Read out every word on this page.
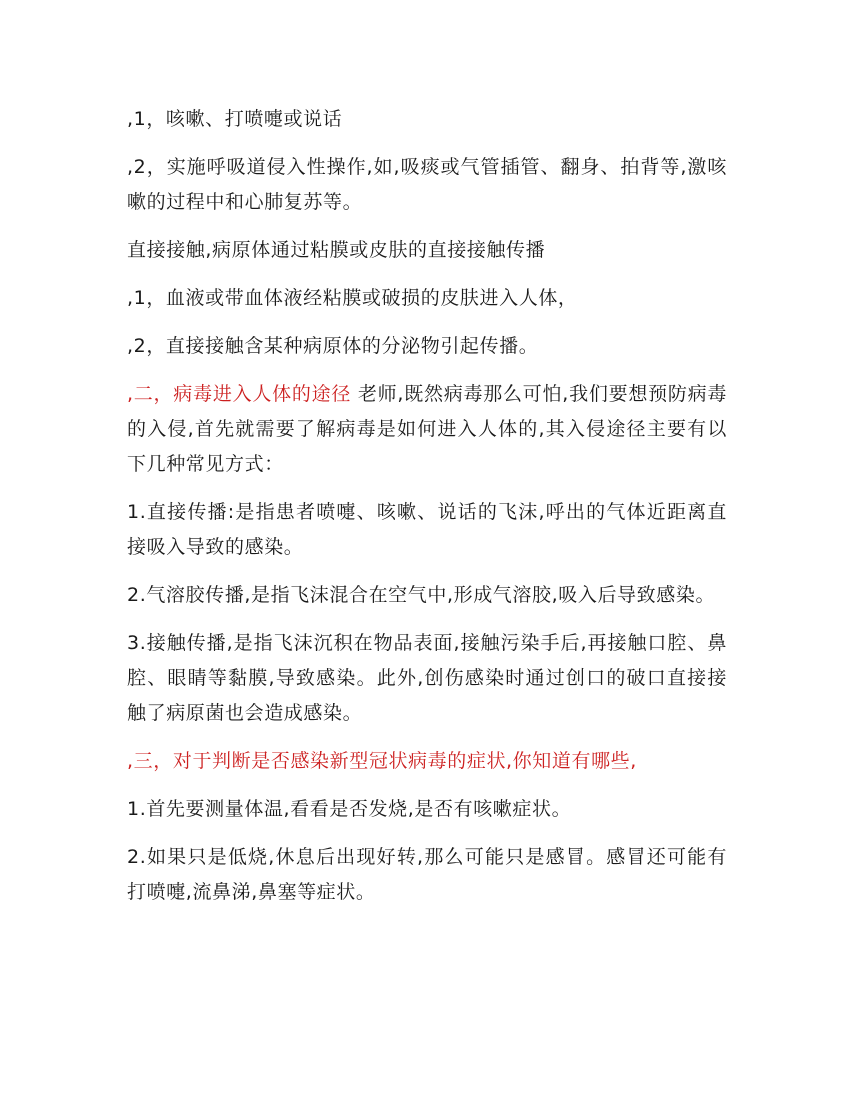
,1，咳嗽、打喷嚏或说话

,2，实施呼吸道侵入性操作,如,吸痰或气管插管、翻身、拍背等,激咳嗽的过程中和心肺复苏等。

直接接触,病原体通过粘膜或皮肤的直接接触传播

,1，血液或带血体液经粘膜或破损的皮肤进入人体，

,2，直接接触含某种病原体的分泌物引起传播。

,二，病毒进入人体的途径 老师,既然病毒那么可怕,我们要想预防病毒的入侵,首先就需要了解病毒是如何进入人体的,其入侵途径主要有以下几种常见方式：

1.直接传播:是指患者喷嚏、咳嗽、说话的飞沫,呼出的气体近距离直接吸入导致的感染。

2.气溶胶传播,是指飞沫混合在空气中,形成气溶胶,吸入后导致感染。

3.接触传播,是指飞沫沉积在物品表面,接触污染手后,再接触口腔、鼻腔、眼睛等黏膜,导致感染。此外,创伤感染时通过创口的破口直接接触了病原菌也会造成感染。

,三，对于判断是否感染新型冠状病毒的症状,你知道有哪些,

1.首先要测量体温,看看是否发烧,是否有咳嗽症状。

2.如果只是低烧,休息后出现好转,那么可能只是感冒。感冒还可能有打喷嚏,流鼻涕,鼻塞等症状。
